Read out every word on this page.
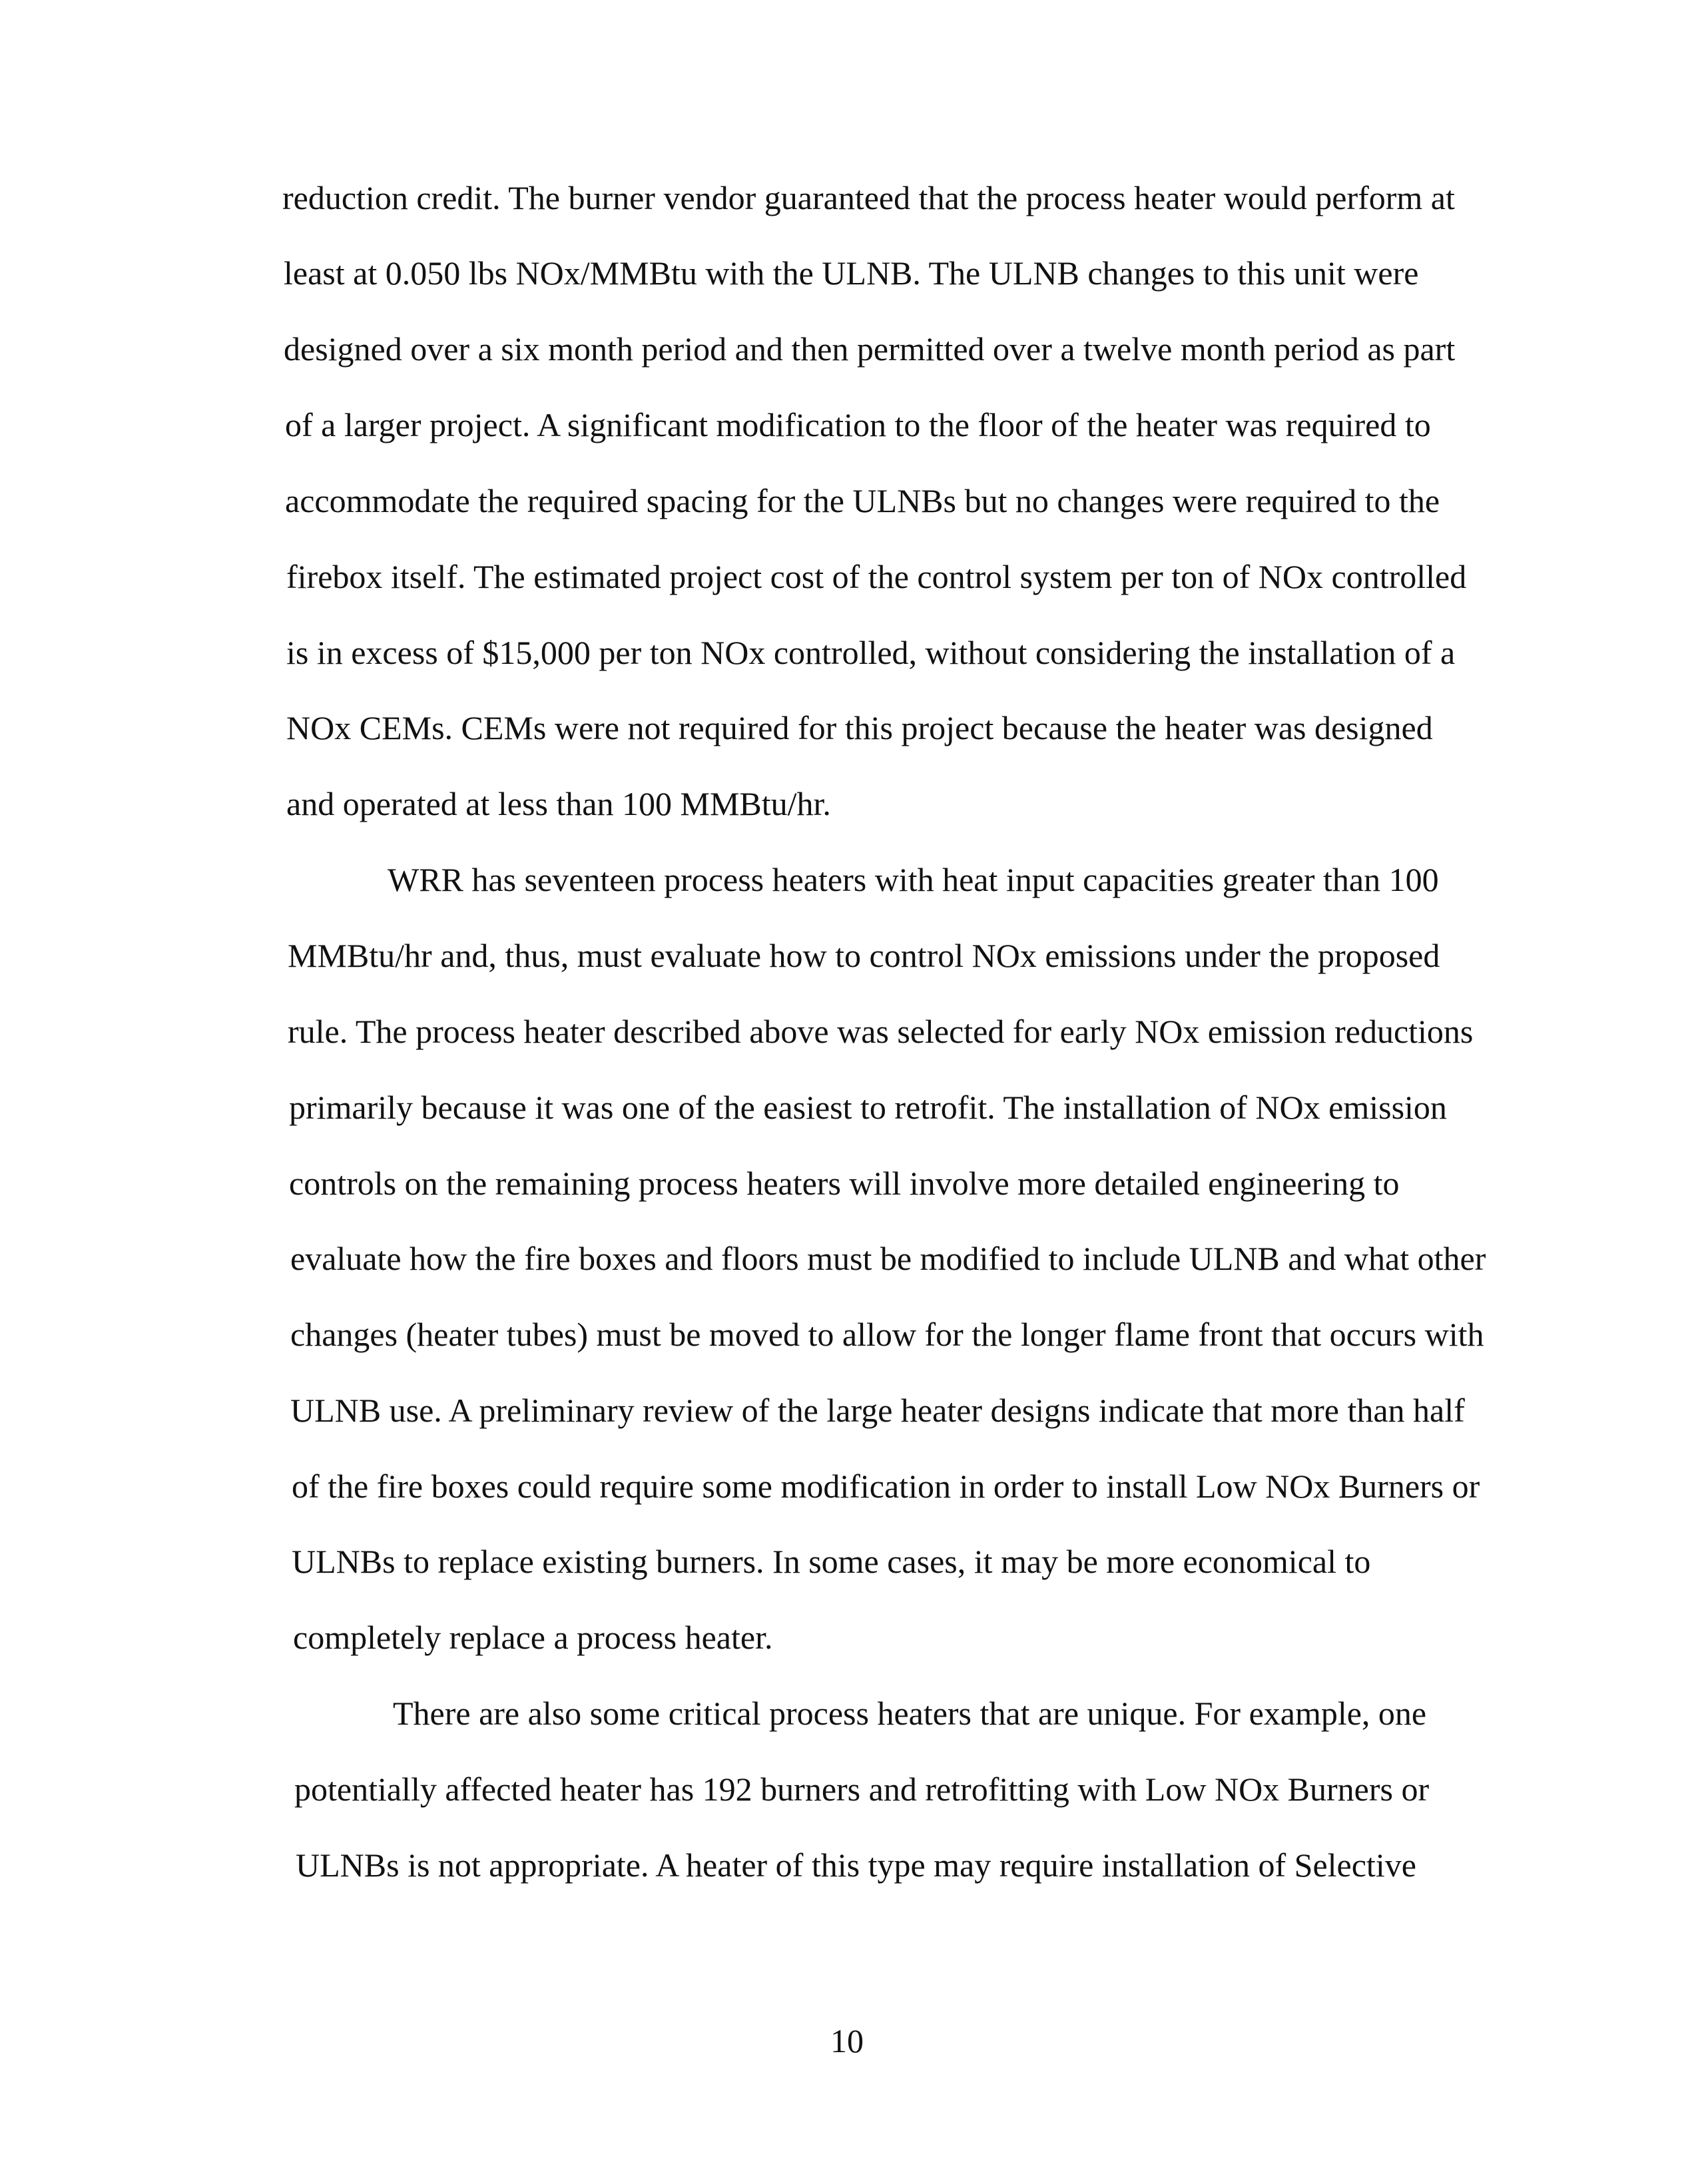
reduction credit. The burner vendor guaranteed that the process heater would perform at
least at 0.050 lbs NOx/MMBtu with the ULNB. The ULNB changes to this unit were
designed over a six month period and then permitted over a twelve month period as part
of a larger project. A significant modification to the floor of the heater was required to
accommodate the required spacing for the ULNBs but no changes were required to the
firebox itself. The estimated project cost of the control system per ton of NOx controlled
is in excess of $15,000 per ton NOx controlled, without considering the installation of a
NOx CEMs. CEMs were not required for this project because the heater was designed
and operated at less than 100 MMBtu/hr.
WRR has seventeen process heaters with heat input capacities greater than 100
MMBtu/hr and, thus, must evaluate how to control NOx emissions under the proposed
rule. The process heater described above was selected for early NOx emission reductions
primarily because it was one of the easiest to retrofit. The installation of NOx emission
controls on the remaining process heaters will involve more detailed engineering to
evaluate how the fire boxes and floors must be modified to include ULNB and what other
changes (heater tubes) must be moved to allow for the longer flame front that occurs with
ULNB use. A preliminary review of the large heater designs indicate that more than half
of the fire boxes could require some modification in order to install Low NOx Burners or
ULNBs to replace existing burners. In some cases, it may be more economical to
completely replace a process heater.
There are also some critical process heaters that are unique. For example, one
potentially affected heater has 192 burners and retrofitting with Low NOx Burners or
ULNBs is not appropriate. A heater of this type may require installation of Selective
10
